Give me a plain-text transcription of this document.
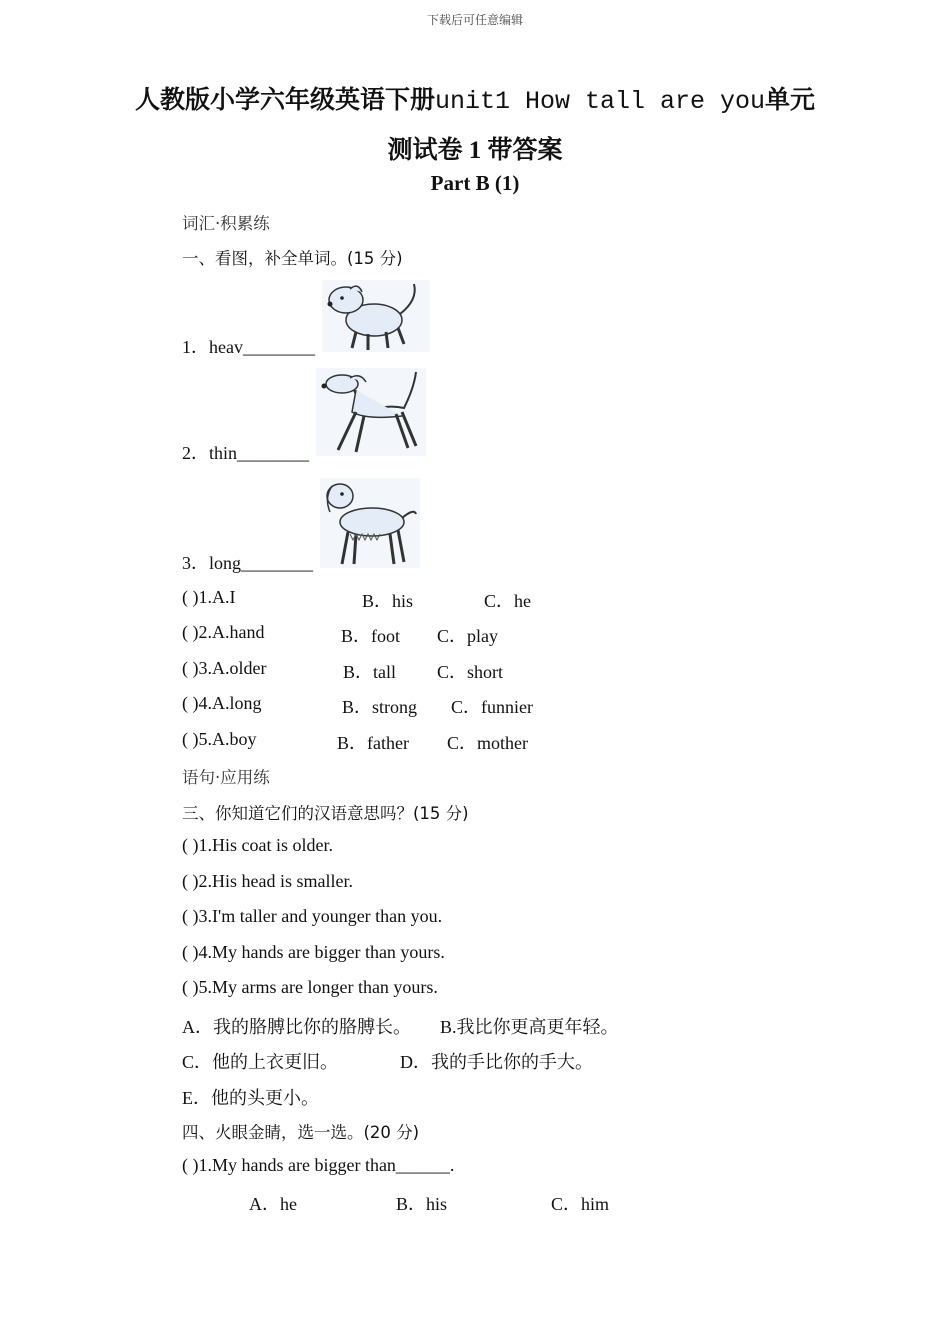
下载后可任意编辑
人教版小学六年级英语下册unit1 How tall are you单元
测试卷 1 带答案
Part B (1)
词汇·积累练
一、看图，补全单词。(15 分)
1．heav________
2．thin________
3．long________
( )1.A.I	B．his	C．he
( )2.A.hand	B．foot C．play
( )3.A.older	B．tall C．short
( )4.A.long	B．strong C．funnier
( )5.A.boy	B．father C．mother
语句·应用练
三、你知道它们的汉语意思吗？(15 分)
( )1.His coat is older.
( )2.His head is smaller.
( )3.I'm taller and younger than you.
( )4.My hands are bigger than yours.
( )5.My arms are longer than yours.
A．我的胳膊比你的胳膊长。 B.我比你更高更年轻。
C．他的上衣更旧。	D．我的手比你的手大。
E．他的头更小。
四、火眼金睛，选一选。(20 分)
( )1.My hands are bigger than______.
A．he	B．his	C．him
